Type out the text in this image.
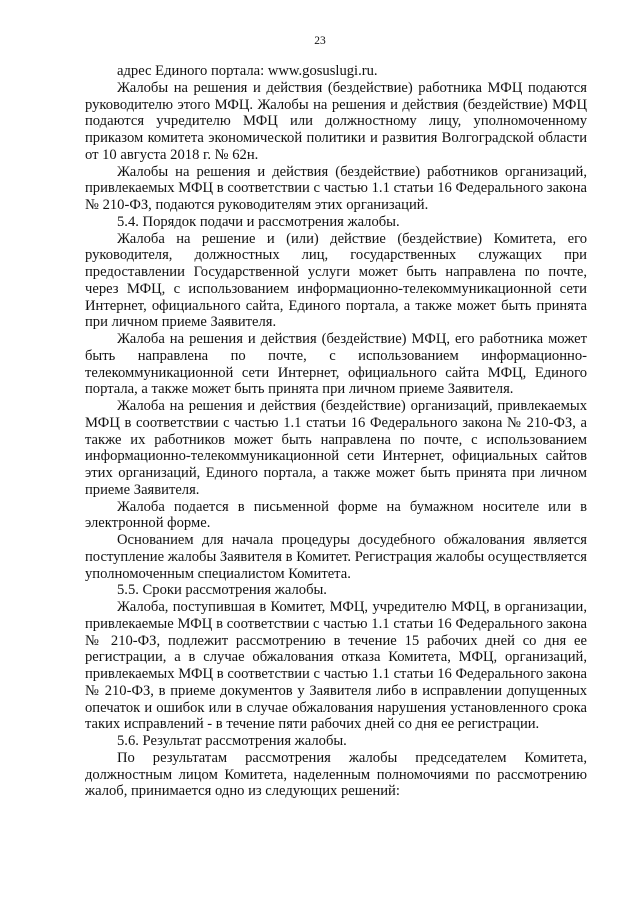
23

адрес Единого портала: www.gosuslugi.ru.

Жалобы на решения и действия (бездействие) работника МФЦ подаются руководителю этого МФЦ. Жалобы на решения и действия (бездействие) МФЦ подаются учредителю МФЦ или должностному лицу, уполномоченному приказом комитета экономической политики и развития Волгоградской области от 10 августа 2018 г. № 62н.

Жалобы на решения и действия (бездействие) работников организаций, привлекаемых МФЦ в соответствии с частью 1.1 статьи 16 Федерального закона № 210-ФЗ, подаются руководителям этих организаций.

5.4. Порядок подачи и рассмотрения жалобы.

Жалоба на решение и (или) действие (бездействие) Комитета, его руководителя, должностных лиц, государственных служащих при предоставлении Государственной услуги может быть направлена по почте, через МФЦ, с использованием информационно-телекоммуникационной сети Интернет, официального сайта, Единого портала, а также может быть принята при личном приеме Заявителя.

Жалоба на решения и действия (бездействие) МФЦ, его работника может быть направлена по почте, с использованием информационно-телекоммуникационной сети Интернет, официального сайта МФЦ, Единого портала, а также может быть принята при личном приеме Заявителя.

Жалоба на решения и действия (бездействие) организаций, привлекаемых МФЦ в соответствии с частью 1.1 статьи 16 Федерального закона № 210-ФЗ, а также их работников может быть направлена по почте, с использованием информационно-телекоммуникационной сети Интернет, официальных сайтов этих организаций, Единого портала, а также может быть принята при личном приеме Заявителя.

Жалоба подается в письменной форме на бумажном носителе или в электронной форме.

Основанием для начала процедуры досудебного обжалования является поступление жалобы Заявителя в Комитет. Регистрация жалобы осуществляется уполномоченным специалистом Комитета.

5.5. Сроки рассмотрения жалобы.

Жалоба, поступившая в Комитет, МФЦ, учредителю МФЦ, в организации, привлекаемые МФЦ в соответствии с частью 1.1 статьи 16 Федерального закона № 210-ФЗ, подлежит рассмотрению в течение 15 рабочих дней со дня ее регистрации, а в случае обжалования отказа Комитета, МФЦ, организаций, привлекаемых МФЦ в соответствии с частью 1.1 статьи 16 Федерального закона № 210-ФЗ, в приеме документов у Заявителя либо в исправлении допущенных опечаток и ошибок или в случае обжалования нарушения установленного срока таких исправлений - в течение пяти рабочих дней со дня ее регистрации.

5.6. Результат рассмотрения жалобы.

По результатам рассмотрения жалобы председателем Комитета, должностным лицом Комитета, наделенным полномочиями по рассмотрению жалоб, принимается одно из следующих решений:
